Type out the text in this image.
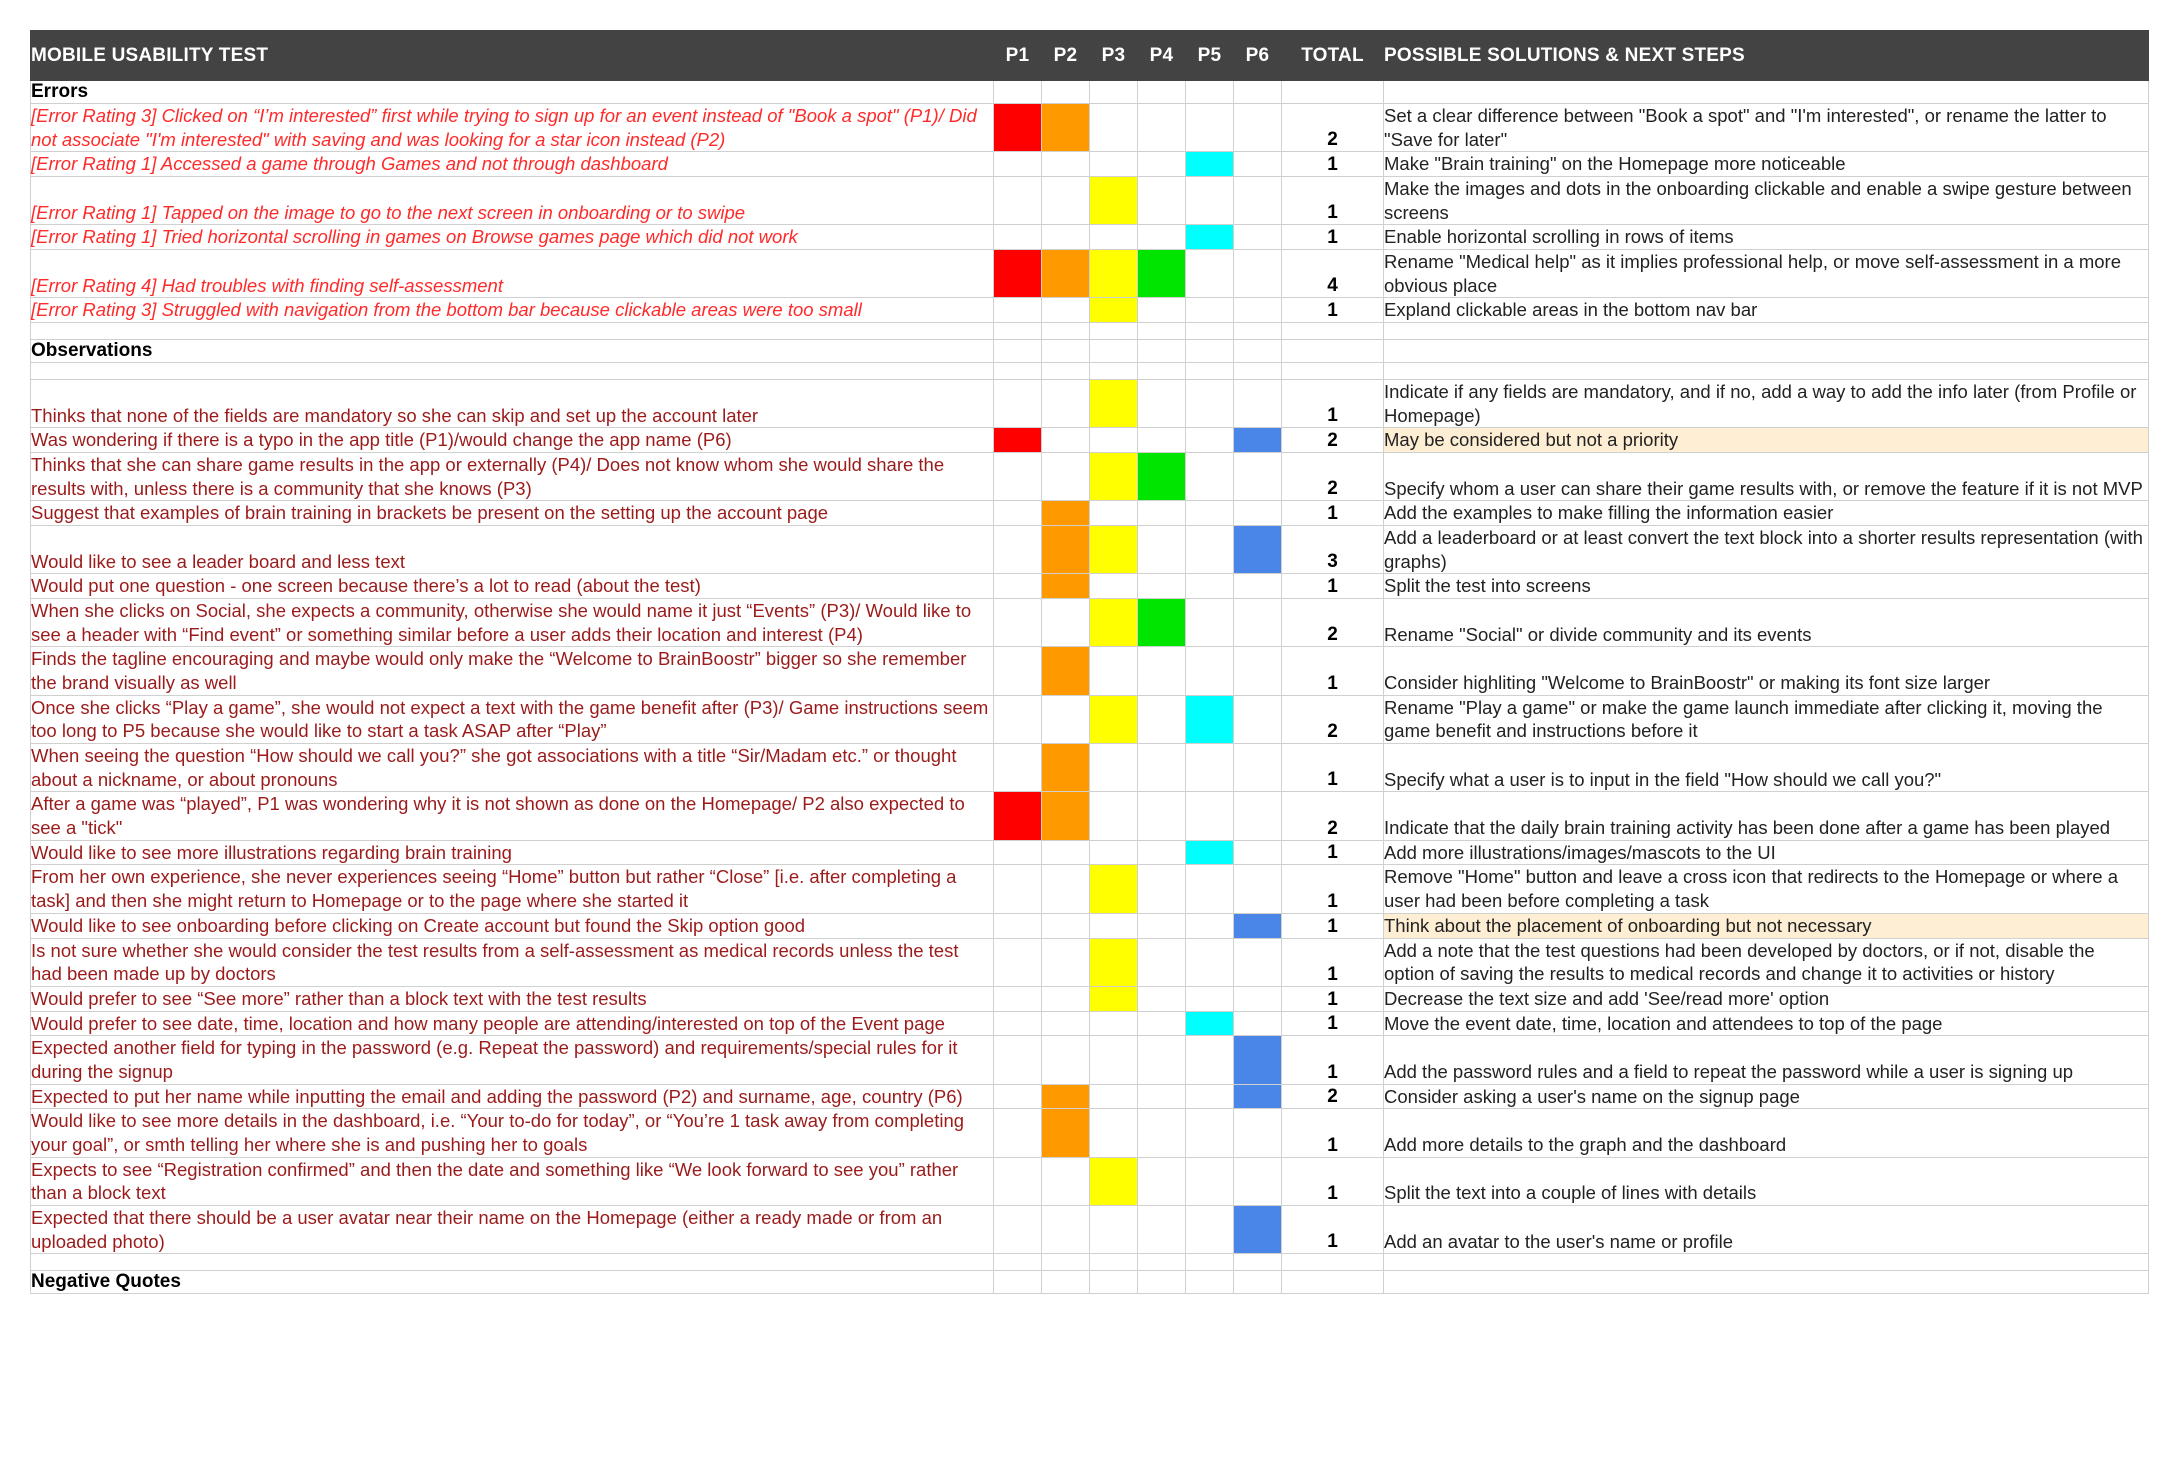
MOBILE USABILITY TEST	P1	P2	P3	P4	P5	P6	TOTAL	POSSIBLE SOLUTIONS & NEXT STEPS
Errors								
[Error Rating 3] Clicked on “I’m interested” first while trying to sign up for an event instead of "Book a spot" (P1)/ Did not associate "I'm interested" with saving and was looking for a star icon instead (P2)							2	Set a clear difference between "Book a spot" and "I'm interested", or rename the latter to "Save for later"
[Error Rating 1] Accessed a game through Games and not through dashboard							1	Make "Brain training" on the Homepage more noticeable
[Error Rating 1] Tapped on the image to go to the next screen in onboarding or to swipe							1	Make the images and dots in the onboarding clickable and enable a swipe gesture between screens
[Error Rating 1] Tried horizontal scrolling in games on Browse games page which did not work							1	Enable horizontal scrolling in rows of items
[Error Rating 4] Had troubles with finding self-assessment							4	Rename "Medical help" as it implies professional help, or move self-assessment in a more obvious place
[Error Rating 3] Struggled with navigation from the bottom bar because clickable areas were too small							1	Expland clickable areas in the bottom nav bar

Observations								

Thinks that none of the fields are mandatory so she can skip and set up the account later							1	Indicate if any fields are mandatory, and if no, add a way to add the info later (from Profile or Homepage)
Was wondering if there is a typo in the app title (P1)/would change the app name (P6)							2	May be considered but not a priority
Thinks that she can share game results in the app or externally (P4)/ Does not know whom she would share the results with, unless there is a community that she knows (P3)							2	Specify whom a user can share their game results with, or remove the feature if it is not MVP
Suggest that examples of brain training in brackets be present on the setting up the account page							1	Add the examples to make filling the information easier
Would like to see a leader board and less text							3	Add a leaderboard or at least convert the text block into a shorter results representation (with graphs)
Would put one question - one screen because there’s a lot to read (about the test)							1	Split the test into screens
When she clicks on Social, she expects a community, otherwise she would name it just “Events” (P3)/ Would like to see a header with “Find event” or something similar before a user adds their location and interest (P4)							2	Rename "Social" or divide community and its events
Finds the tagline encouraging and maybe would only make the “Welcome to BrainBoostr” bigger so she remember the brand visually as well							1	Consider highliting "Welcome to BrainBoostr" or making its font size larger
Once she clicks “Play a game”, she would not expect a text with the game benefit after (P3)/ Game instructions seem too long to P5 because she would like to start a task ASAP after “Play”							2	Rename "Play a game" or make the game launch immediate after clicking it, moving the game benefit and instructions before it
When seeing the question “How should we call you?” she got associations with a title “Sir/Madam etc.” or thought about a nickname, or about pronouns							1	Specify what a user is to input in the field "How should we call you?"
After a game was “played”, P1 was wondering why it is not shown as done on the Homepage/ P2 also expected to see a "tick"							2	Indicate that the daily brain training activity has been done after a game has been played
Would like to see more illustrations regarding brain training							1	Add more illustrations/images/mascots to the UI
From her own experience, she never experiences seeing “Home” button but rather “Close” [i.e. after completing a task] and then she might return to Homepage or to the page where she started it							1	Remove "Home" button and leave a cross icon that redirects to the Homepage or where a user had been before completing a task
Would like to see onboarding before clicking on Create account but found the Skip option good							1	Think about the placement of onboarding but not necessary
Is not sure whether she would consider the test results from a self-assessment as medical records unless the test had been made up by doctors							1	Add a note that the test questions had been developed by doctors, or if not, disable the option of saving the results to medical records and change it to activities or history
Would prefer to see “See more” rather than a block text with the test results							1	Decrease the text size and add 'See/read more' option
Would prefer to see date, time, location and how many people are attending/interested on top of the Event page							1	Move the event date, time, location and attendees to top of the page
Expected another field for typing in the password (e.g. Repeat the password) and requirements/special rules for it during the signup							1	Add the password rules and a field to repeat the password while a user is signing up
Expected to put her name while inputting the email and adding the password (P2) and surname, age, country (P6)							2	Consider asking a user's name on the signup page
Would like to see more details in the dashboard, i.e. “Your to-do for today”, or “You’re 1 task away from completing your goal”, or smth telling her where she is and pushing her to goals							1	Add more details to the graph and the dashboard
Expects to see “Registration confirmed” and then the date and something like “We look forward to see you” rather than a block text							1	Split the text into a couple of lines with details
Expected that there should be a user avatar near their name on the Homepage (either a ready made or from an uploaded photo)							1	Add an avatar to the user's name or profile

Negative Quotes								
